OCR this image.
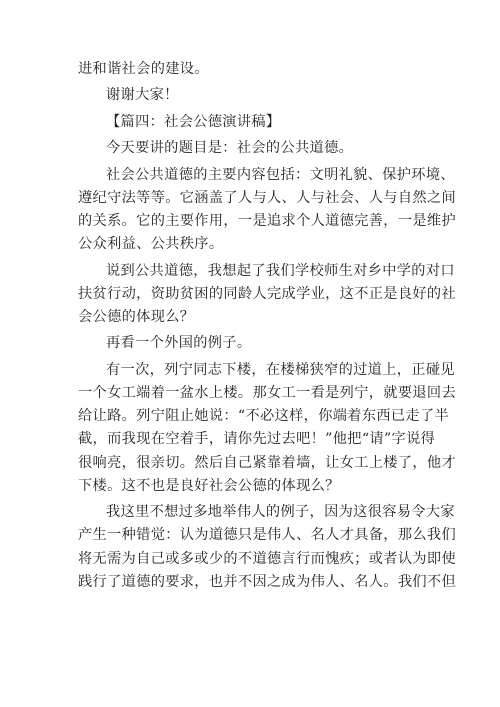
进和谐社会的建设。
谢谢大家！
【篇四：社会公德演讲稿】
今天要讲的题目是：社会的公共道德。
社会公共道德的主要内容包括：文明礼貌、保护环境、
遵纪守法等等。它涵盖了人与人、人与社会、人与自然之间
的关系。它的主要作用，一是追求个人道德完善，一是维护
公众利益、公共秩序。
说到公共道德，我想起了我们学校师生对乡中学的对口
扶贫行动，资助贫困的同龄人完成学业，这不正是良好的社
会公德的体现么？
再看一个外国的例子。
有一次，列宁同志下楼，在楼梯狭窄的过道上，正碰见
一个女工端着一盆水上楼。那女工一看是列宁，就要退回去
给让路。列宁阻止她说：“不必这样，你端着东西已走了半
截，而我现在空着手，请你先过去吧！”他把“请”字说得
很响亮，很亲切。然后自己紧靠着墙，让女工上楼了，他才
下楼。这不也是良好社会公德的体现么？
我这里不想过多地举伟人的例子，因为这很容易令大家
产生一种错觉：认为道德只是伟人、名人才具备，那么我们
将无需为自己或多或少的不道德言行而愧疚；或者认为即使
践行了道德的要求，也并不因之成为伟人、名人。我们不但
